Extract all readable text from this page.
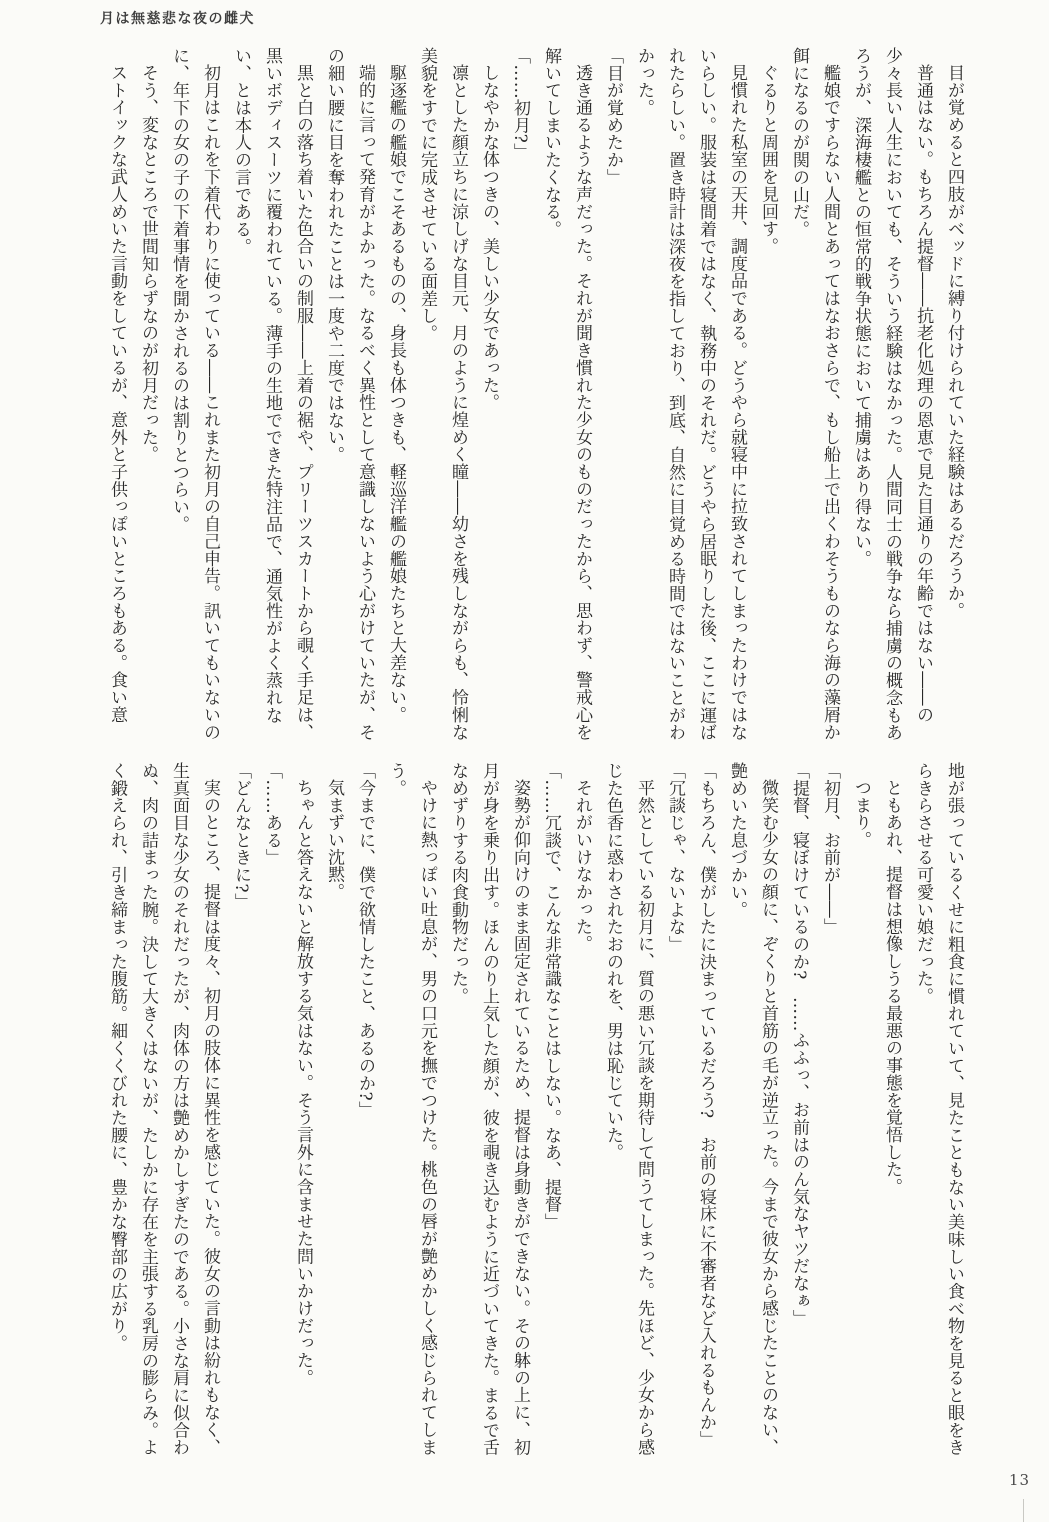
月は無慈悲な夜の雌犬

目が覚めると四肢がベッドに縛り付けられていた経験はあるだろうか。

普通はない。もちろん提督――抗老化処理の恩恵で見た目通りの年齢ではない――の少々長い人生においても、そういう経験はなかった。人間同士の戦争なら捕虜の概念もあろうが、深海棲艦との恒常的戦争状態において捕虜はあり得ない。

艦娘ですらない人間とあってはなおさらで、もし船上で出くわそうものなら海の藻屑か餌になるのが関の山だ。

ぐるりと周囲を見回す。

見慣れた私室の天井、調度品である。どうやら就寝中に拉致されてしまったわけではないらしい。服装は寝間着ではなく、執務中のそれだ。どうやら居眠りした後、ここに運ばれたらしい。置き時計は深夜を指しており、到底、自然に目覚める時間ではないことがわかった。

「目が覚めたか」

透き通るような声だった。それが聞き慣れた少女のものだったから、思わず、警戒心を解いてしまいたくなる。

「……初月?」

しなやかな体つきの、美しい少女であった。

凛とした顔立ちに涼しげな目元、月のように煌めく瞳――幼さを残しながらも、怜悧な美貌をすでに完成させている面差し。

駆逐艦の艦娘でこそあるものの、身長も体つきも、軽巡洋艦の艦娘たちと大差ない。

端的に言って発育がよかった。なるべく異性として意識しないよう心がけていたが、その細い腰に目を奪われたことは一度や二度ではない。

黒と白の落ち着いた色合いの制服――上着の裾や、プリーツスカートから覗く手足は、黒いボディスーツに覆われている。薄手の生地でできた特注品で、通気性がよく蒸れない、とは本人の言である。

初月はこれを下着代わりに使っている――これまた初月の自己申告。訊いてもいないのに、年下の女の子の下着事情を聞かされるのは割りとつらい。

そう、変なところで世間知らずなのが初月だった。

ストイックな武人めいた言動をしているが、意外と子供っぽいところもある。食い意

地が張っているくせに粗食に慣れていて、見たこともない美味しい食べ物を見ると眼をきらきらさせる可愛い娘だった。

ともあれ、提督は想像しうる最悪の事態を覚悟した。

つまり。

「初月、お前が――」

「提督、寝ぼけているのか?　……ふふっ、お前はのん気なヤツだなぁ」

微笑む少女の顔に、ぞくりと首筋の毛が逆立った。今まで彼女から感じたことのない、艶めいた息づかい。

「もちろん、僕がしたに決まっているだろう?　お前の寝床に不審者など入れるもんか」

「冗談じゃ、ないよな」

平然としている初月に、質の悪い冗談を期待して問うてしまった。先ほど、少女から感じた色香に惑わされたおのれを、男は恥じていた。

それがいけなかった。

「……冗談で、こんな非常識なことはしない。なあ、提督」

姿勢が仰向けのまま固定されているため、提督は身動きができない。その躰の上に、初月が身を乗り出す。ほんのり上気した顔が、彼を覗き込むように近づいてきた。まるで舌なめずりする肉食動物だった。

やけに熱っぽい吐息が、男の口元を撫でつけた。桃色の唇が艶めかしく感じられてしまう。

「今までに、僕で欲情したこと、あるのか?」

気まずい沈黙。

ちゃんと答えないと解放する気はない。そう言外に含ませた問いかけだった。

「……ある」

「どんなときに?」

実のところ、提督は度々、初月の肢体に異性を感じていた。彼女の言動は紛れもなく、生真面目な少女のそれだったが、肉体の方は艶めかしすぎたのである。小さな肩に似合わぬ、肉の詰まった腕。決して大きくはないが、たしかに存在を主張する乳房の膨らみ。よく鍛えられ、引き締まった腹筋。細くくびれた腰に、豊かな臀部の広がり。

13
